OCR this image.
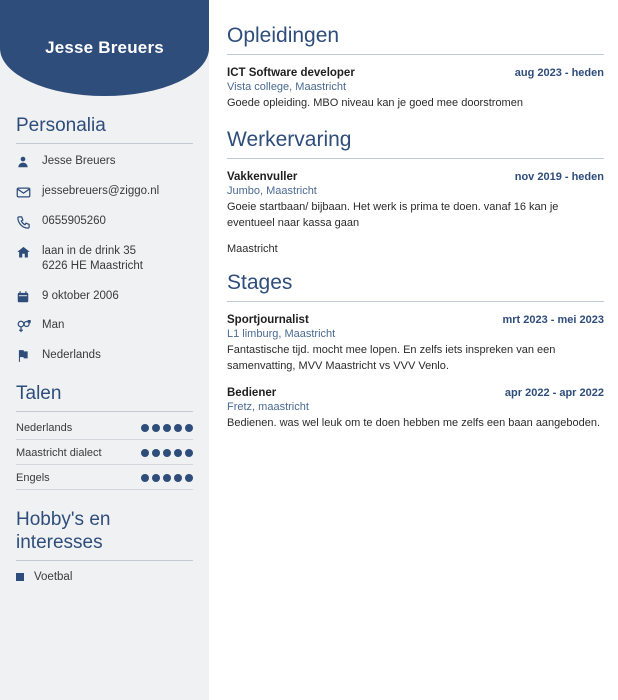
Jesse Breuers
Personalia
Jesse Breuers
jessebreuers@ziggo.nl
0655905260
laan in de drink 35
6226 HE Maastricht
9 oktober 2006
Man
Nederlands
Talen
Nederlands
Maastricht dialect
Engels
Hobby's en interesses
Voetbal
Opleidingen
ICT Software developer	aug 2023 - heden
Vista college, Maastricht
Goede opleiding. MBO niveau kan je goed mee doorstromen
Werkervaring
Vakkenvuller	nov 2019 - heden
Jumbo, Maastricht
Goeie startbaan/ bijbaan. Het werk is prima te doen. vanaf 16 kan je eventueel naar kassa gaan
Maastricht
Stages
Sportjournalist	mrt 2023 - mei 2023
L1 limburg, Maastricht
Fantastische tijd. mocht mee lopen. En zelfs iets inspreken van een samenvatting, MVV Maastricht vs VVV Venlo.
Bediener	apr 2022 - apr 2022
Fretz, maastricht
Bedienen. was wel leuk om te doen hebben me zelfs een baan aangeboden.
